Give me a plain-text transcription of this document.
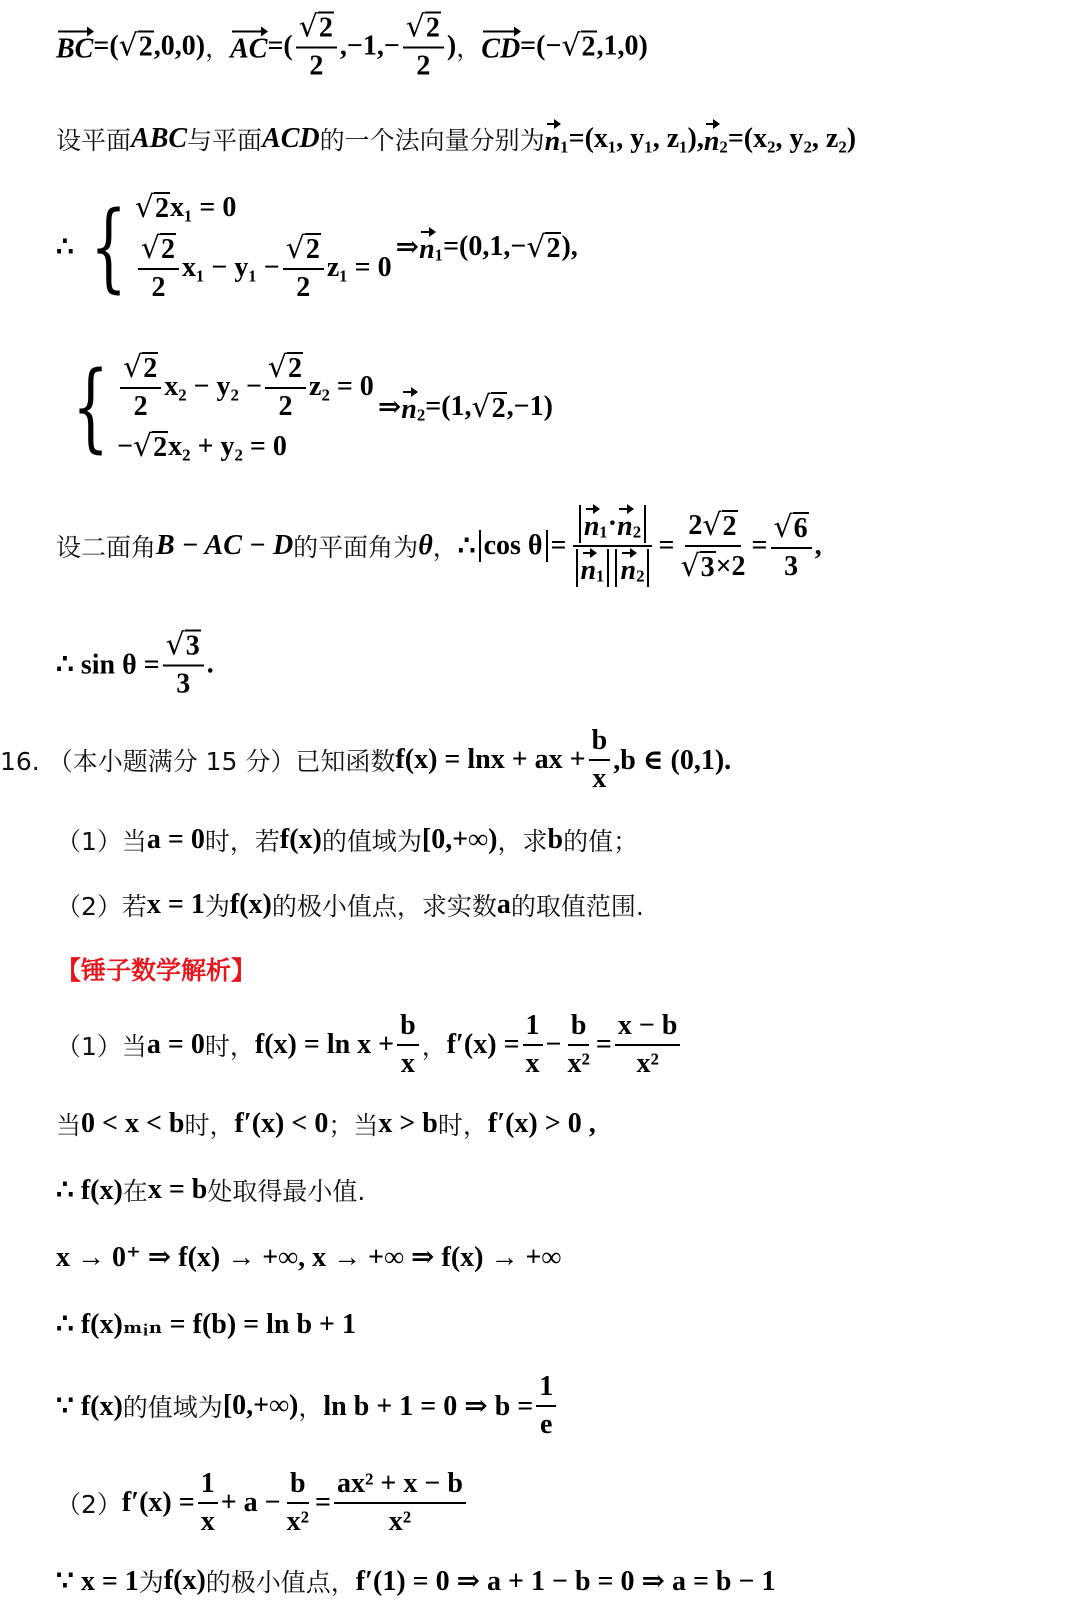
BC =( √ 2 ,0,0) ， AC =( $\frac{√ 2}{2} ,-1,- \frac{√ 2}{2}$ ) ， CD =(− √ 2 ,1,0)
设平面 ABC 与平面 ACD 的一个法向量分别为 n ₁=(x₁, y₁, z₁), n ₂=(x₂, y₂, z₂)
∴ { √ 2 x₁ = 0
$\frac{√ 2}{2} x_1 - y_1 - \frac{√ 2}{2} z_1 = 0$
⇒ n ₁=(0,1,− √ 2 ),
{ $\frac{√ 2}{2} x_2 - y_2 - \frac{√ 2}{2} z_2 = 0$
− √ 2 x₂ + y₂ = 0
⇒ n ₂=(1, √ 2 ,−1)
设二面角 B − AC − D 的平面角为 θ ， ∴ $\cos \theta = \frac{\text{n ₁· n ₂}}{\text{n ₁ n ₂}} = \frac{2 √ 2}{√ 3 \times 2} = \frac{√ 6}{3}$ ,
∴ $\sin \theta = \frac{√ 3}{3}$ .
16. （本小题满分 15 分）已知函数 f(x) = lnx + ax + $\frac{b}{x} ,b$ ∈ (0,1).
（1）当 a = 0 时，若 f(x) 的值域为 [0,+∞) ，求 b 的值；
（2）若 x = 1 为 f(x) 的极小值点，求实数 a 的取值范围.
【锤子数学解析】
（1）当 a = 0 时， $f(x) = \ln x + \frac{b}{x}$ ， $f'(x) = \frac{1}{x} - \frac{b}{\text{x²}} = \frac{x - b}{\text{x²}}$
当 0 < x < b 时， f′(x) < 0 ；当 x > b 时， f′(x) > 0 ,
∴ f(x) 在 x = b 处取得最小值.
x → 0⁺ ⇒ f(x) → +∞, x → +∞ ⇒ f(x) → +∞
∴ f(x)ₘᵢₙ = f(b) = ln b + 1
∵ f(x) 的值域为 [0,+∞) ， ln b + 1 = 0 ⇒ $b = \frac{1}{e}$
（2） $f'(x) = \frac{1}{x} + a - \frac{b}{\text{x²}} = \frac{\text{ax² + x − b}}{\text{x²}}$
∵ x = 1 为 f(x) 的极小值点， f′(1) = 0 ⇒ a + 1 − b = 0 ⇒ a = b − 1
